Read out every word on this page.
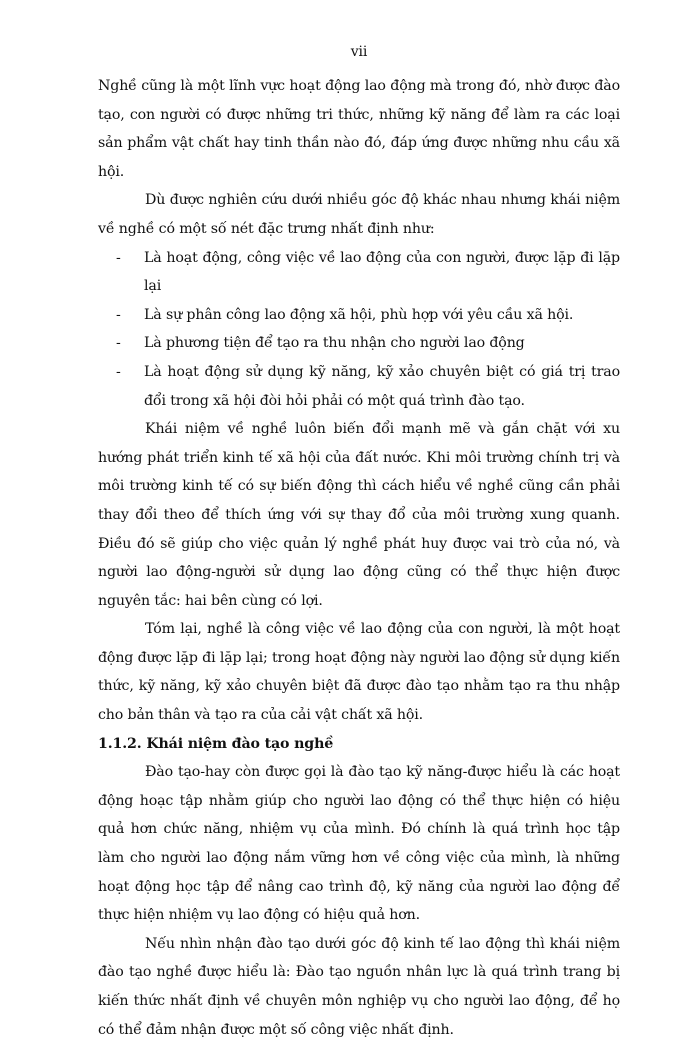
vii

Nghề cũng là một lĩnh vực hoạt động lao động mà trong đó, nhờ được đào tạo, con người có được những tri thức, những kỹ năng để làm ra các loại sản phẩm vật chất hay tinh thần nào đó, đáp ứng được những nhu cầu xã hội.

Dù được nghiên cứu dưới nhiều góc độ khác nhau nhưng khái niệm về nghề có một số nét đặc trưng nhất định như:

- Là hoạt động, công việc về lao động của con người, được lặp đi lặp lại
- Là sự phân công lao động xã hội, phù hợp với yêu cầu xã hội.
- Là phương tiện để tạo ra thu nhận cho người lao động
- Là hoạt động sử dụng kỹ năng, kỹ xảo chuyên biệt có giá trị trao đổi trong xã hội đòi hỏi phải có một quá trình đào tạo.

Khái niệm về nghề luôn biến đổi mạnh mẽ và gắn chặt với xu hướng phát triển kinh tế xã hội của đất nước. Khi môi trường chính trị và môi trường kinh tế có sự biến động thì cách hiểu về nghề cũng cần phải thay đổi theo để thích ứng với sự thay đổ của môi trường xung quanh. Điều đó sẽ giúp cho việc quản lý nghề phát huy được vai trò của nó, và người lao động-người sử dụng lao động cũng có thể thực hiện được nguyên tắc: hai bên cùng có lợi.

Tóm lại, nghề là công việc về lao động của con người, là một hoạt động được lặp đi lặp lại; trong hoạt động này người lao động sử dụng kiến thức, kỹ năng, kỹ xảo chuyên biệt đã được đào tạo nhằm tạo ra thu nhập cho bản thân và tạo ra của cải vật chất xã hội.

1.1.2. Khái niệm đào tạo nghề

Đào tạo-hay còn được gọi là đào tạo kỹ năng-được hiểu là các hoạt động hoạc tập nhằm giúp cho người lao động có thể thực hiện có hiệu quả hơn chức năng, nhiệm vụ của mình. Đó chính là quá trình học tập làm cho người lao động nắm vững hơn về công việc của mình, là những hoạt động học tập để nâng cao trình độ, kỹ năng của người lao động để thực hiện nhiệm vụ lao động có hiệu quả hơn.

Nếu nhìn nhận đào tạo dưới góc độ kinh tế lao động thì khái niệm đào tạo nghề được hiểu là: Đào tạo nguồn nhân lực là quá trình trang bị kiến thức nhất định về chuyên môn nghiệp vụ cho người lao động, để họ có thể đảm nhận được một số công việc nhất định.
